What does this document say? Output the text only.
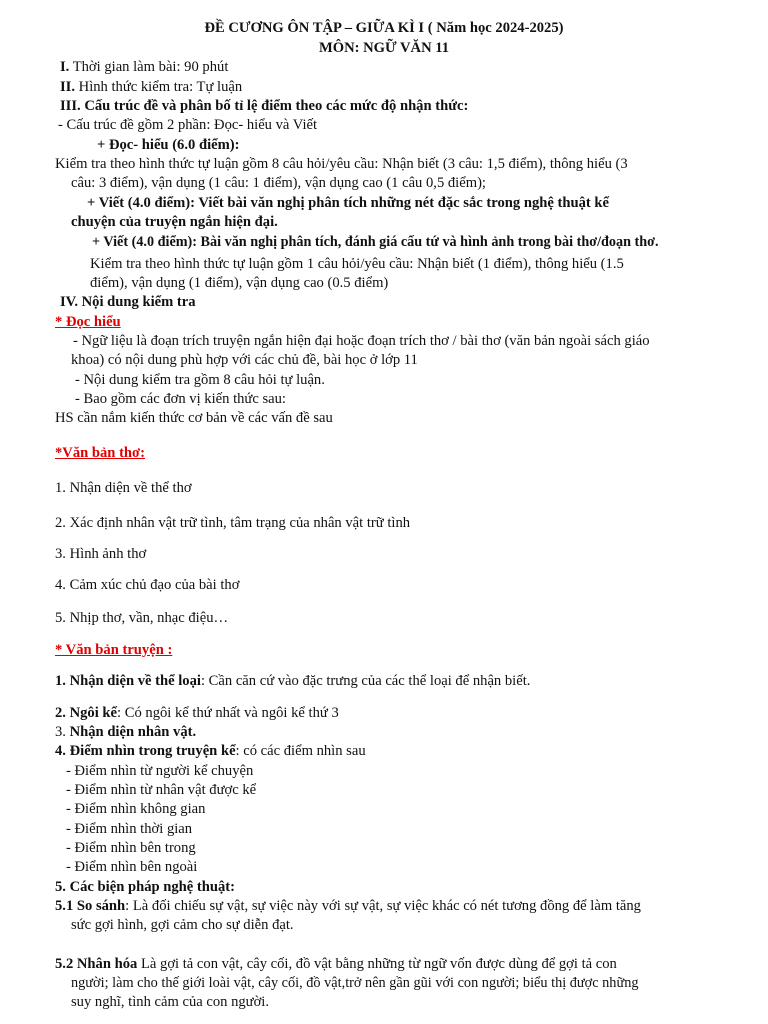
ĐỀ CƯƠNG ÔN TẬP – GIỮA KÌ I ( Năm học 2024-2025)
MÔN: NGỮ VĂN 11
I. Thời gian làm bài: 90 phút
II. Hình thức kiểm tra: Tự luận
III. Cấu trúc đề và phân bố tỉ lệ điểm theo các mức độ nhận thức:
- Cấu trúc đề gồm 2 phần: Đọc- hiểu và Viết
+ Đọc- hiểu (6.0 điểm):
Kiểm tra theo hình thức tự luận gồm 8 câu hỏi/yêu cầu: Nhận biết (3 câu: 1,5 điểm), thông hiểu (3
câu: 3 điểm), vận dụng (1 câu: 1 điểm), vận dụng cao (1 câu 0,5 điểm);
+ Viết (4.0 điểm): Viết bài văn nghị phân tích những nét đặc sắc trong nghệ thuật kể
chuyện của truyện ngắn hiện đại.
+ Viết (4.0 điểm): Bài văn nghị phân tích, đánh giá cấu tứ và hình ảnh trong bài thơ/đoạn thơ.
Kiểm tra theo hình thức tự luận gồm 1 câu hỏi/yêu cầu: Nhận biết (1 điểm), thông hiểu (1.5
điểm), vận dụng (1 điểm), vận dụng cao (0.5 điểm)
IV. Nội dung kiểm tra
* Đọc hiểu
- Ngữ liệu là đoạn trích truyện ngắn hiện đại hoặc đoạn trích thơ / bài thơ (văn bản ngoài sách giáo
khoa) có nội dung phù hợp với các chủ đề, bài học ở lớp 11
- Nội dung kiểm tra gồm 8 câu hỏi tự luận.
- Bao gồm các đơn vị kiến thức sau:
HS cần nắm kiến thức cơ bản về các vấn đề sau
*Văn bản thơ:
1. Nhận diện về thể thơ
2. Xác định nhân vật trữ tình, tâm trạng của nhân vật trữ tình
3. Hình ảnh thơ
4. Cảm xúc chủ đạo của bài thơ
5. Nhịp thơ, vần, nhạc điệu…
* Văn bản truyện :
1. Nhận diện về thể loại: Cần căn cứ vào đặc trưng của các thể loại để nhận biết.
2. Ngôi kể: Có ngôi kể thứ nhất và ngôi kể thứ 3
3. Nhận diện nhân vật.
4. Điểm nhìn trong truyện kể: có các điểm nhìn sau
- Điểm nhìn từ người kể chuyện
- Điểm nhìn từ nhân vật được kể
- Điểm nhìn không gian
- Điểm nhìn thời gian
- Điểm nhìn bên trong
- Điểm nhìn bên ngoài
5. Các biện pháp nghệ thuật:
5.1 So sánh: Là đối chiếu sự vật, sự việc này với sự vật, sự việc khác có nét tương đồng để làm tăng
sức gợi hình, gợi cảm cho sự diễn đạt.
5.2 Nhân hóa Là gợi tả con vật, cây cối, đồ vật bằng những từ ngữ vốn được dùng để gợi tả con
người; làm cho thế giới loài vật, cây cối, đồ vật,trở nên gần gũi với con người; biểu thị được những
suy nghĩ, tình cảm của con người.
